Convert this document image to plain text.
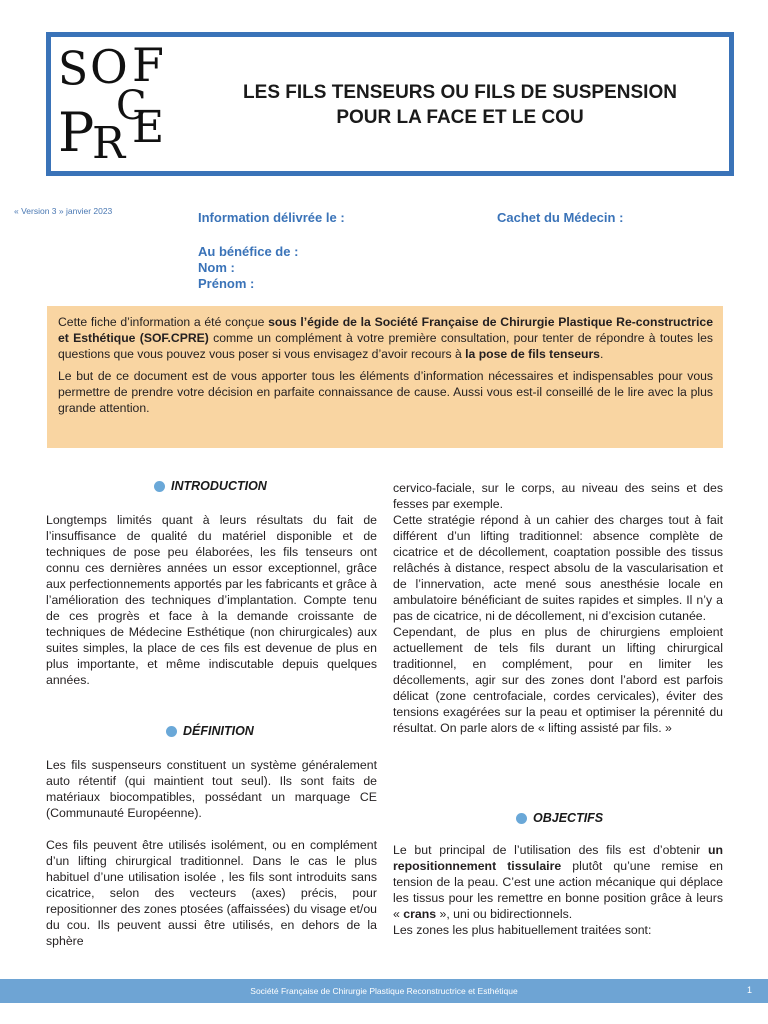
S O F
C
P
R E
LES FILS TENSEURS OU FILS DE SUSPENSION
POUR LA FACE ET LE COU
« Version 3 » janvier 2023	Information délivrée le :	Cachet du Médecin :
Au bénéfice de :
Nom :
Prénom :

Cette fiche d’information a été conçue sous l’égide de la Société Française de Chirurgie Plastique Re-constructrice et Esthétique (SOF.CPRE) comme un complément à votre première consultation, pour tenter de répondre à toutes les questions que vous pouvez vous poser si vous envisagez d’avoir recours à la pose de fils tenseurs.

Le but de ce document est de vous apporter tous les éléments d’information nécessaires et indispensables pour vous permettre de prendre votre décision en parfaite connaissance de cause. Aussi vous est-il conseillé de le lire avec la plus grande attention.

INTRODUCTION

Longtemps limités quant à leurs résultats du fait de l’insuffisance de qualité du matériel disponible et de techniques de pose peu élaborées, les fils tenseurs ont connu ces dernières années un essor exceptionnel, grâce aux perfectionnements apportés par les fabricants et grâce à l’amélioration des techniques d’implantation. Compte tenu de ces progrès et face à la demande croissante de techniques de Médecine Esthétique (non chirurgicales) aux suites simples, la place de ces fils est devenue de plus en plus importante, et même indiscutable depuis quelques années.

DÉFINITION

Les fils suspenseurs constituent un système généralement auto rétentif (qui maintient tout seul). Ils sont faits de matériaux biocompatibles, possédant un marquage CE (Communauté Européenne).

Ces fils peuvent être utilisés isolément, ou en complément d’un lifting chirurgical traditionnel. Dans le cas le plus habituel d’une utilisation isolée , les fils sont introduits sans cicatrice, selon des vecteurs (axes) précis, pour repositionner des zones ptosées (affaissées) du visage et/ou du cou. Ils peuvent aussi être utilisés, en dehors de la sphère

cervico-faciale, sur le corps, au niveau des seins et des fesses par exemple.

Cette stratégie répond à un cahier des charges tout à fait différent d’un lifting traditionnel: absence complète de cicatrice et de décollement, coaptation possible des tissus relâchés à distance, respect absolu de la vascularisation et de l’innervation, acte mené sous anesthésie locale en ambulatoire bénéficiant de suites rapides et simples. Il n’y a pas de cicatrice, ni de décollement, ni d’excision cutanée.

Cependant, de plus en plus de chirurgiens emploient actuellement de tels fils durant un lifting chirurgical traditionnel, en complément, pour en limiter les décollements, agir sur des zones dont l’abord est parfois délicat (zone centrofaciale, cordes cervicales), éviter des tensions exagérées sur la peau et optimiser la pérennité du résultat. On parle alors de « lifting assisté par fils. »

OBJECTIFS

Le but principal de l’utilisation des fils est d’obtenir un repositionnement tissulaire plutôt qu’une remise en tension de la peau. C’est une action mécanique qui déplace les tissus pour les remettre en bonne position grâce à leurs « crans », uni ou bidirectionnels.

Les zones les plus habituellement traitées sont:

Société Française de Chirurgie Plastique Reconstructrice et Esthétique	1
